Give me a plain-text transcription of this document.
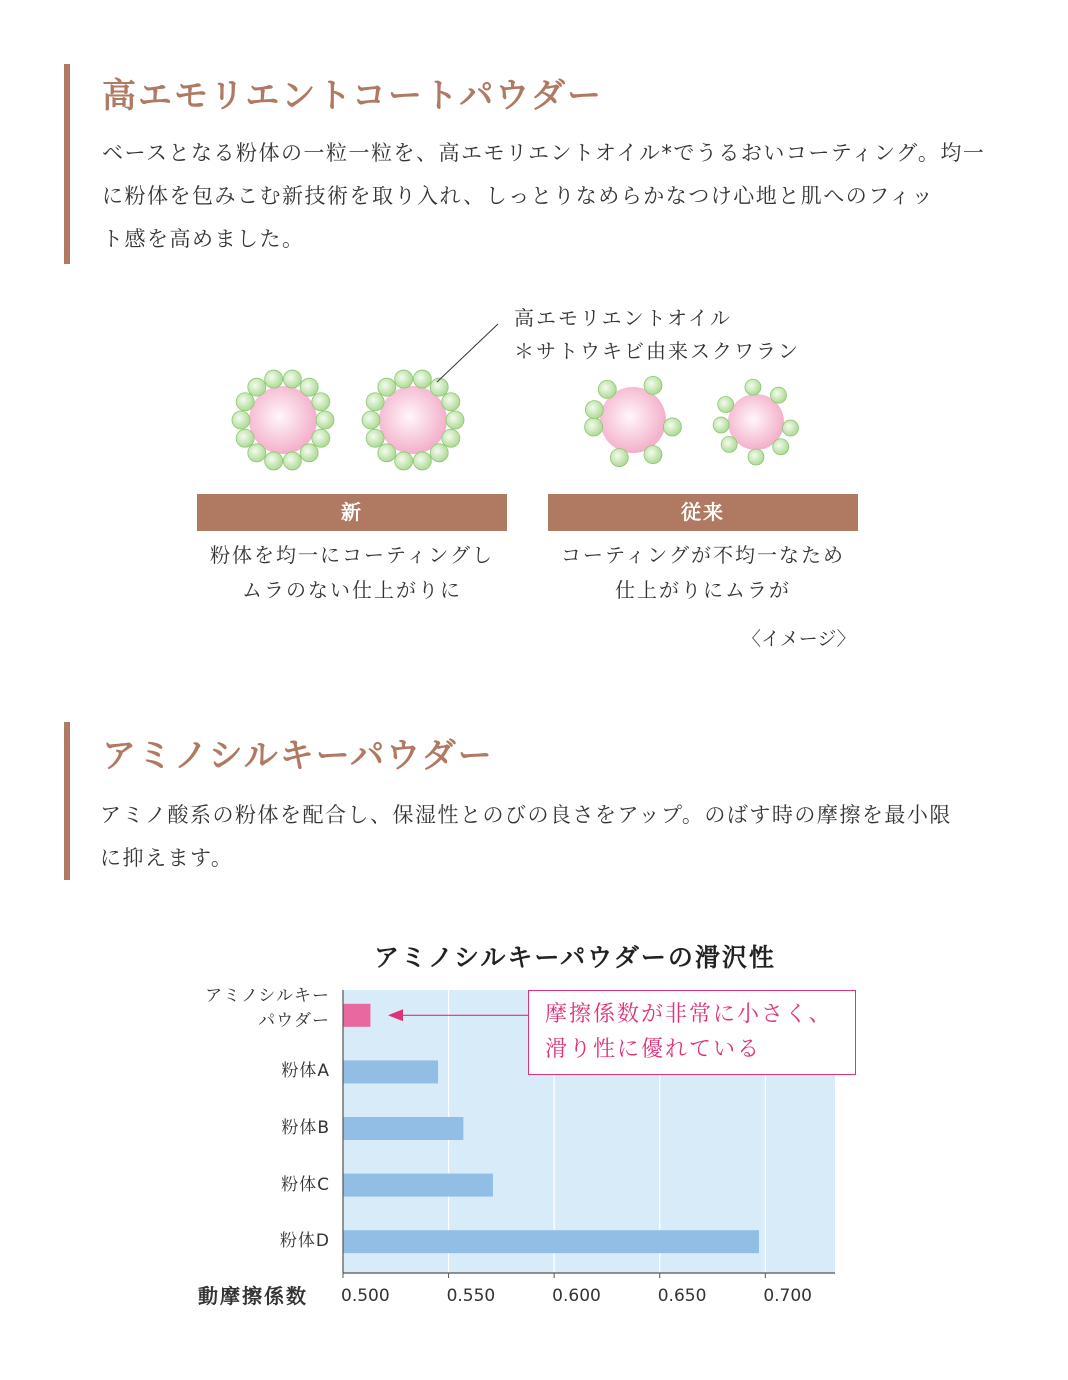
高エモリエントコートパウダー
ベースとなる粉体の一粒一粒を、高エモリエントオイル*でうるおいコーティング。均一
に粉体を包みこむ新技術を取り入れ、しっとりなめらかなつけ心地と肌へのフィッ
ト感を高めました。
高エモリエントオイル
＊サトウキビ由来スクワラン
新	従来
粉体を均一にコーティングし
ムラのない仕上がりに
コーティングが不均一なため
仕上がりにムラが
〈イメージ〉
アミノシルキーパウダー
アミノ酸系の粉体を配合し、保湿性とのびの良さをアップ。のばす時の摩擦を最小限
に抑えます。
アミノシルキーパウダーの滑沢性
アミノシルキー
パウダー
粉体A
粉体B
粉体C
粉体D
0.500	0.550	0.600	0.650	0.700
動摩擦係数
摩擦係数が非常に小さく、
滑り性に優れている
